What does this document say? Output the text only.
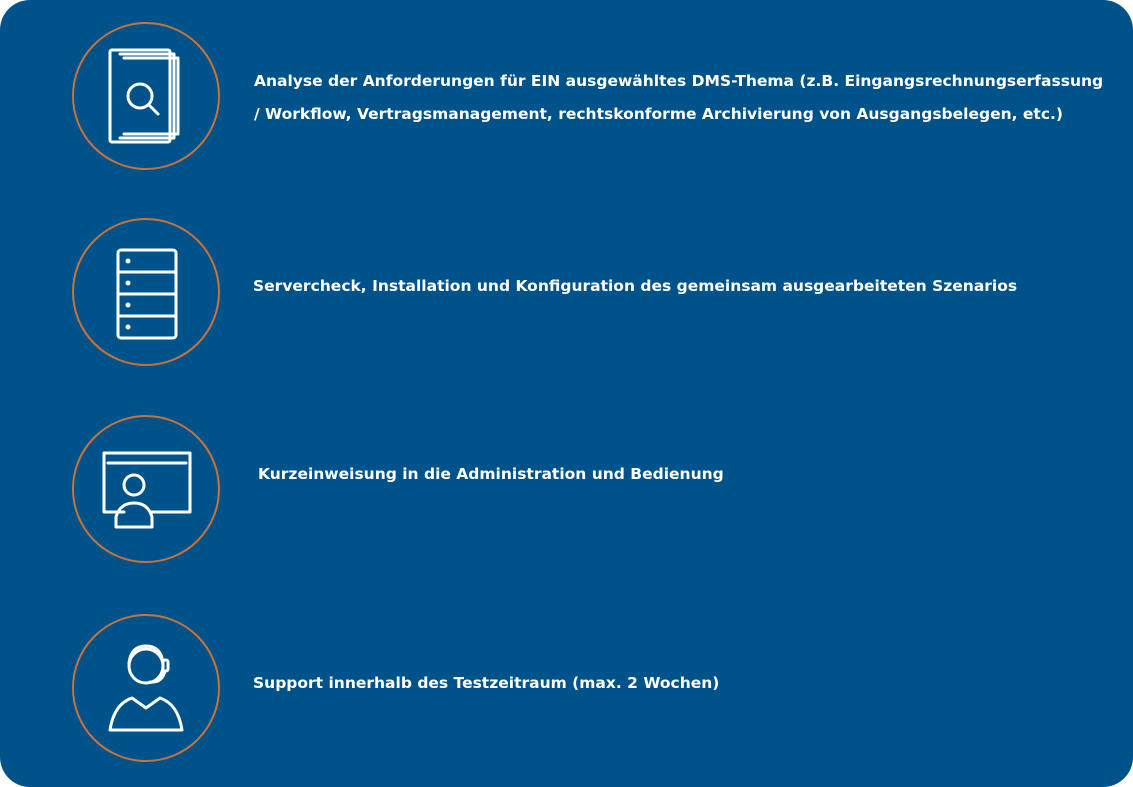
Analyse der Anforderungen für EIN ausgewähltes DMS-Thema (z.B. Eingangsrechnungserfassung / Workflow, Vertragsmanagement, rechtskonforme Archivierung von Ausgangsbelegen, etc.)
Servercheck, Installation und Konfiguration des gemeinsam ausgearbeiteten Szenarios
Kurzeinweisung in die Administration und Bedienung
Support innerhalb des Testzeitraum (max. 2 Wochen)
